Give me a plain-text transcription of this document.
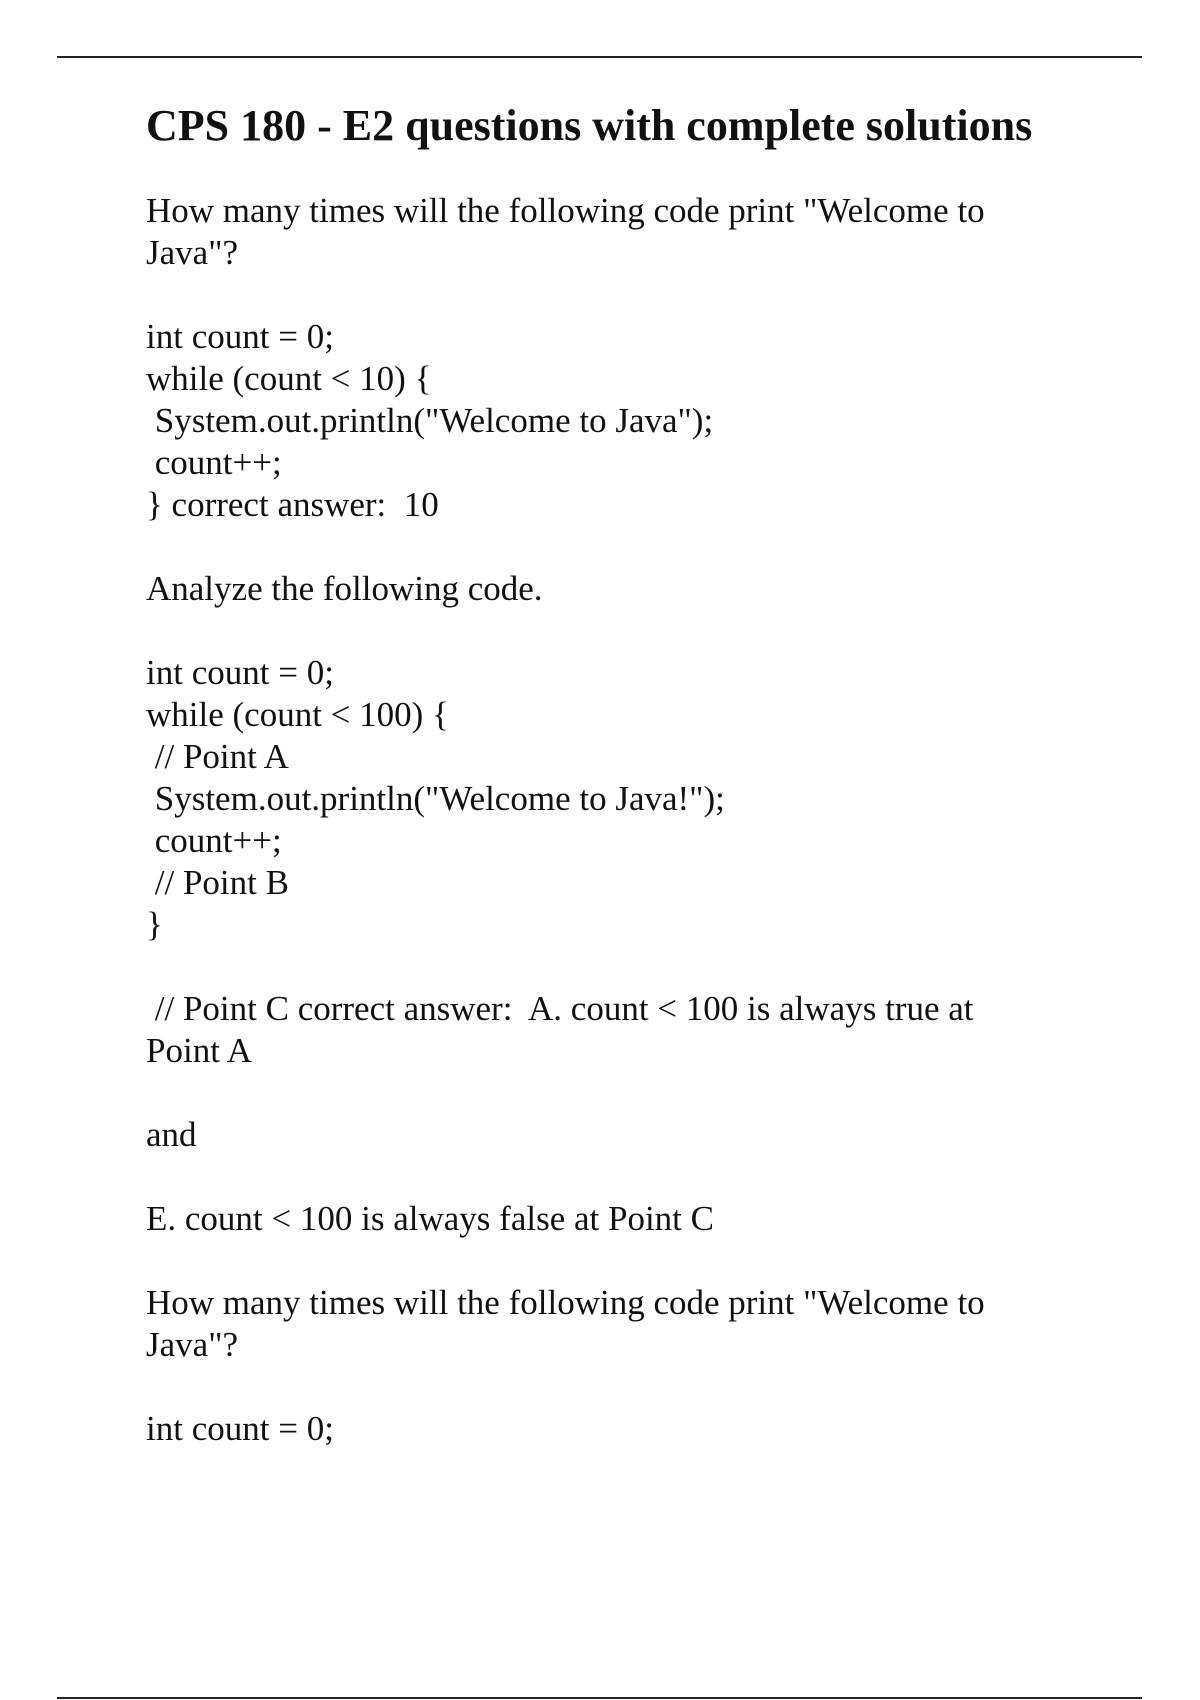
CPS 180 - E2 questions with complete solutions
How many times will the following code print "Welcome to
Java"?
int count = 0;
while (count < 10) {
System.out.println("Welcome to Java");
count++;
} correct answer:  10
Analyze the following code.
int count = 0;
while (count < 100) {
// Point A
System.out.println("Welcome to Java!");
count++;
// Point B
}
// Point C correct answer:  A. count < 100 is always true at
Point A
and
E. count < 100 is always false at Point C
How many times will the following code print "Welcome to
Java"?
int count = 0;
